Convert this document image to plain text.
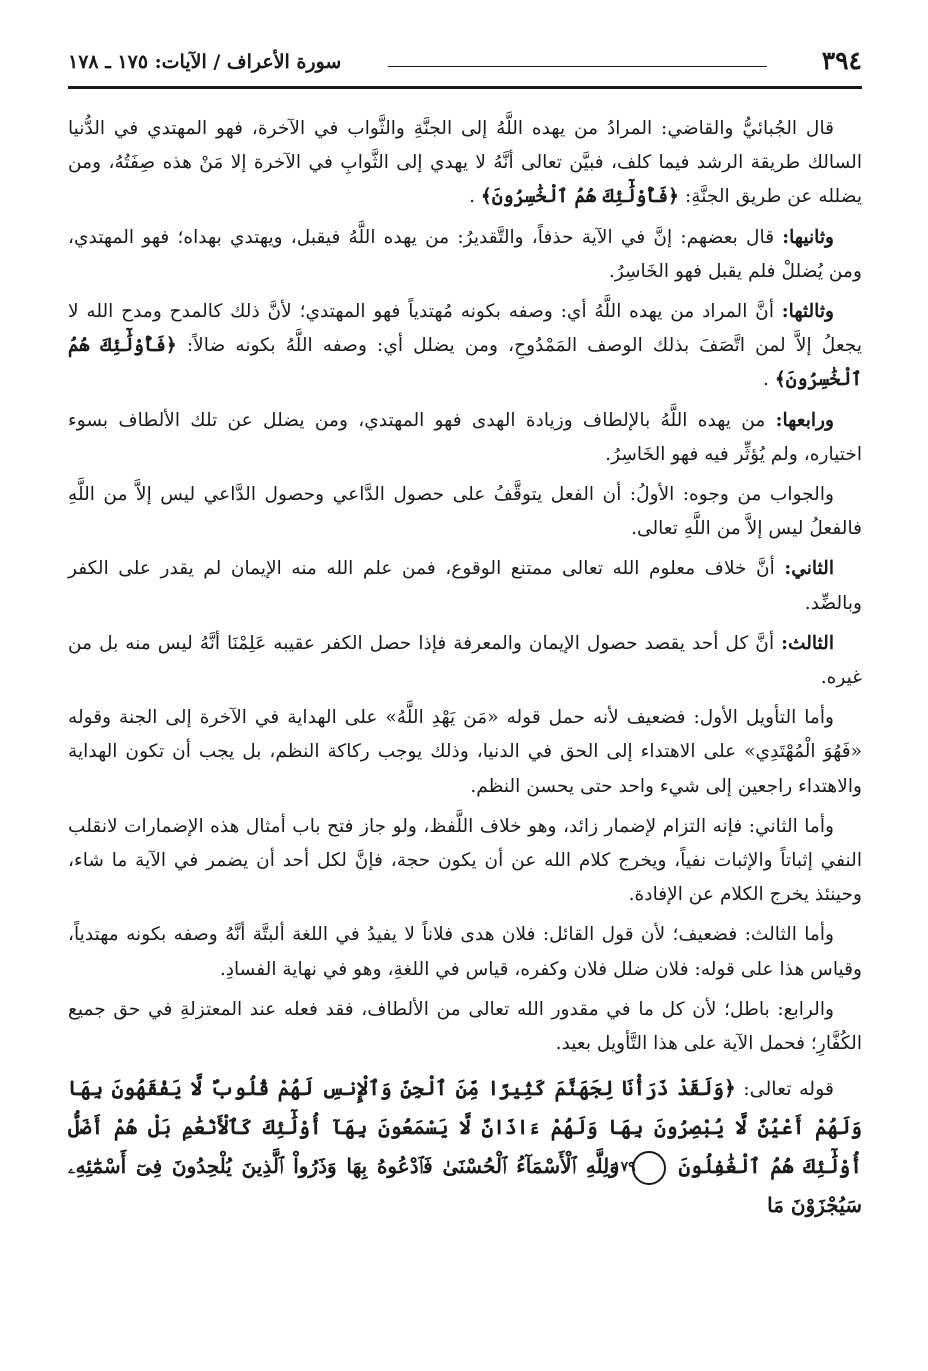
٣٩٤
سورة الأعراف / الآيات: ١٧٥ ـ ١٧٨

قال الجُبائيُّ والقاضي: المرادُ من يهده اللَّهُ إلى الجنَّةِ والثَّواب في الآخرة، فهو المهتدي في الدُّنيا السالك طريقة الرشد فيما كلف، فبيَّن تعالى أنَّهُ لا يهدي إلى الثَّوابِ في الآخرة إلا مَنْ هذه صِفَتُهُ، ومن يضلله عن طريق الجنَّةِ: ﴿فَأُوْلَٰٓئِكَ هُمُ ٱلْخَٰسِرُونَ﴾ .

وثانيها: قال بعضهم: إنَّ في الآية حذفاً، والتَّقديرُ: من يهده اللَّهُ فيقبل، ويهتدي بهداه؛ فهو المهتدي، ومن يُضللْ فلم يقبل فهو الخَاسِرُ.

وثالثها: أنَّ المراد من يهده اللَّهُ أي: وصفه بكونه مُهتدياً فهو المهتدي؛ لأنَّ ذلك كالمدح ومدح الله لا يجعلُ إلاَّ لمن اتَّصَفَ بذلك الوصف المَمْدُوحِ، ومن يضلل أي: وصفه اللَّهُ بكونه ضالاً: ﴿فَأُوْلَٰٓئِكَ هُمُ ٱلْخَٰسِرُونَ﴾ .

ورابعها: من يهده اللَّهُ بالإلطاف وزيادة الهدى فهو المهتدي، ومن يضلل عن تلك الألطاف بسوء اختياره، ولم يُؤثِّر فيه فهو الخَاسِرُ.

والجواب من وجوه: الأولُ: أن الفعل يتوقَّفُ على حصول الدَّاعي وحصول الدَّاعي ليس إلاَّ من اللَّهِ فالفعلُ ليس إلاَّ من اللَّهِ تعالى.

الثاني: أنَّ خلاف معلوم الله تعالى ممتنع الوقوع، فمن علم الله منه الإيمان لم يقدر على الكفر وبالضِّد.

الثالث: أنَّ كل أحد يقصد حصول الإيمان والمعرفة فإذا حصل الكفر عقيبه عَلِمْنَا أنَّهُ ليس منه بل من غيره.

وأما التأويل الأول: فضعيف لأنه حمل قوله «مَن يَهْدِ اللَّهُ» على الهداية في الآخرة إلى الجنة وقوله «فَهُوَ الْمُهْتَدِي» على الاهتداء إلى الحق في الدنيا، وذلك يوجب ركاكة النظم، بل يجب أن تكون الهداية والاهتداء راجعين إلى شيء واحد حتى يحسن النظم.

وأما الثاني: فإنه التزام لإضمار زائد، وهو خلاف اللَّفظ، ولو جاز فتح باب أمثال هذه الإضمارات لانقلب النفي إثباتاً والإثبات نفياً، ويخرج كلام الله عن أن يكون حجة، فإنَّ لكل أحد أن يضمر في الآية ما شاء، وحينئذ يخرج الكلام عن الإفادة.

وأما الثالث: فضعيف؛ لأن قول القائل: فلان هدى فلاناً لا يفيدُ في اللغة ألبتَّة أنَّهُ وصفه بكونه مهتدياً، وقياس هذا على قوله: فلان ضلل فلان وكفره، قياس في اللغةِ، وهو في نهاية الفسادِ.

والرابع: باطل؛ لأن كل ما في مقدور الله تعالى من الألطاف، فقد فعله عند المعتزلةِ في حق جميع الكُفَّارِ؛ فحمل الآية على هذا التَّأويل بعيد.

قوله تعالى: ﴿وَلَقَدْ ذَرَأْنَا لِجَهَنَّمَ كَثِيرًا مِّنَ ٱلْجِنِّ وَٱلْإِنسِ لَهُمْ قُلُوبٌ لَّا يَفْقَهُونَ بِهَا وَلَهُمْ أَعْيُنٌ لَّا يُبْصِرُونَ بِهَا وَلَهُمْ ءَاذَانٌ لَّا يَسْمَعُونَ بِهَآ أُوْلَٰٓئِكَ كَٱلْأَنْعَٰمِ بَلْ هُمْ أَضَلُّ أُوْلَٰٓئِكَ هُمُ ٱلْغَٰفِلُونَ ١٧٩ وَلِلَّهِ ٱلْأَسْمَآءُ ٱلْحُسْنَىٰ فَٱدْعُوهُ بِهَا وَذَرُواْ ٱلَّذِينَ يُلْحِدُونَ فِىٓ أَسْمَٰٓئِهِۦ سَيُجْزَوْنَ مَا
